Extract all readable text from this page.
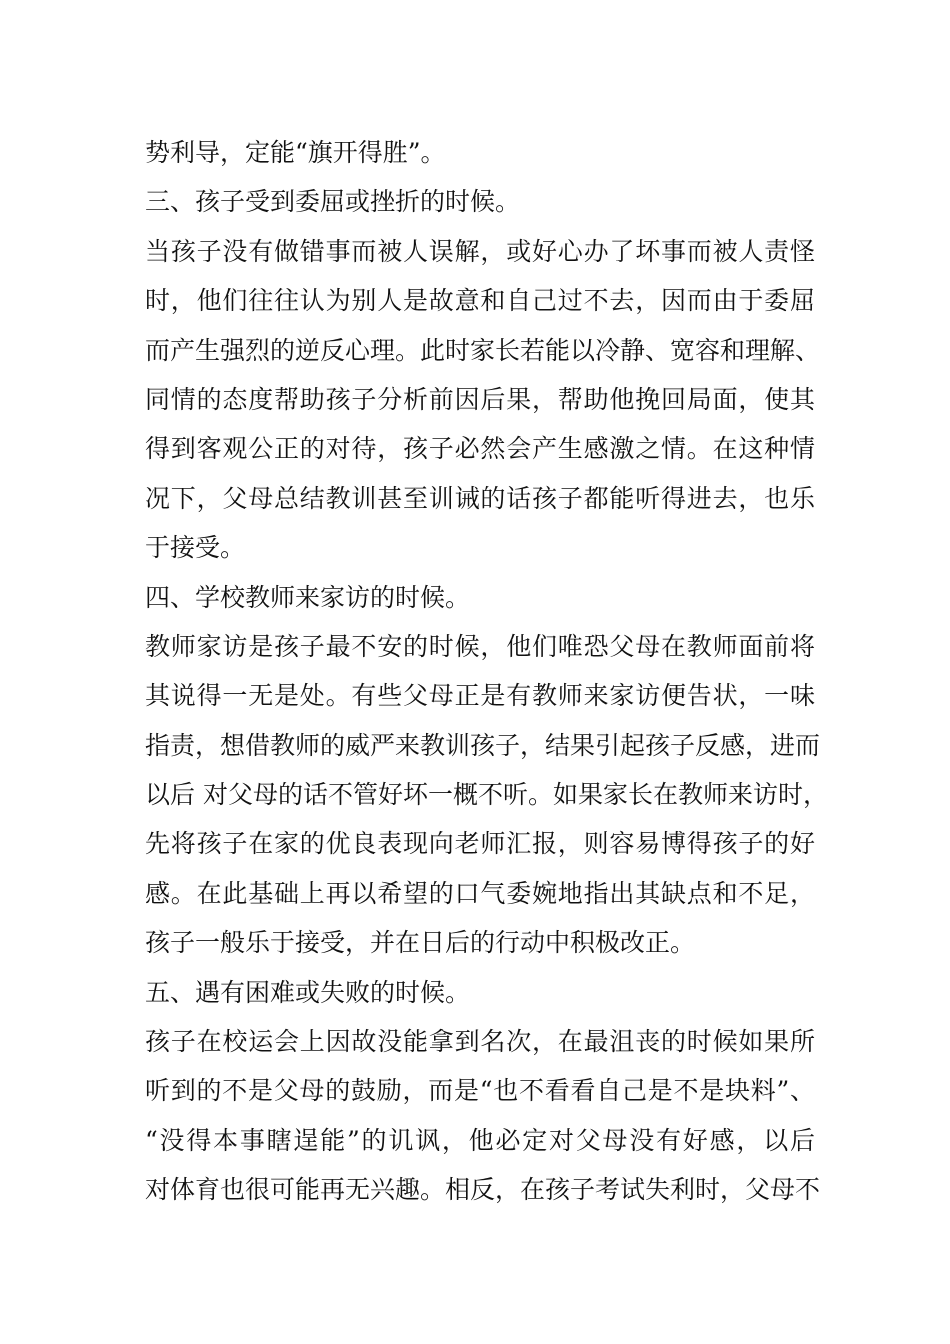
势利导，定能“旗开得胜”。
三、孩子受到委屈或挫折的时候。
当孩子没有做错事而被人误解，或好心办了坏事而被人责怪
时，他们往往认为别人是故意和自己过不去，因而由于委屈
而产生强烈的逆反心理。此时家长若能以冷静、宽容和理解、
同情的态度帮助孩子分析前因后果，帮助他挽回局面，使其
得到客观公正的对待，孩子必然会产生感激之情。在这种情
况下，父母总结教训甚至训诫的话孩子都能听得进去，也乐
于接受。
四、学校教师来家访的时候。
教师家访是孩子最不安的时候，他们唯恐父母在教师面前将
其说得一无是处。有些父母正是有教师来家访便告状，一味
指责，想借教师的威严来教训孩子，结果引起孩子反感，进而
以后 对父母的话不管好坏一概不听。如果家长在教师来访时，
先将孩子在家的优良表现向老师汇报，则容易博得孩子的好
感。在此基础上再以希望的口气委婉地指出其缺点和不足，
孩子一般乐于接受，并在日后的行动中积极改正。
五、遇有困难或失败的时候。
孩子在校运会上因故没能拿到名次，在最沮丧的时候如果所
听到的不是父母的鼓励，而是“也不看看自己是不是块料”、
“没得本事瞎逞能”的讥讽，他必定对父母没有好感，以后
对体育也很可能再无兴趣。相反，在孩子考试失利时，父母不
